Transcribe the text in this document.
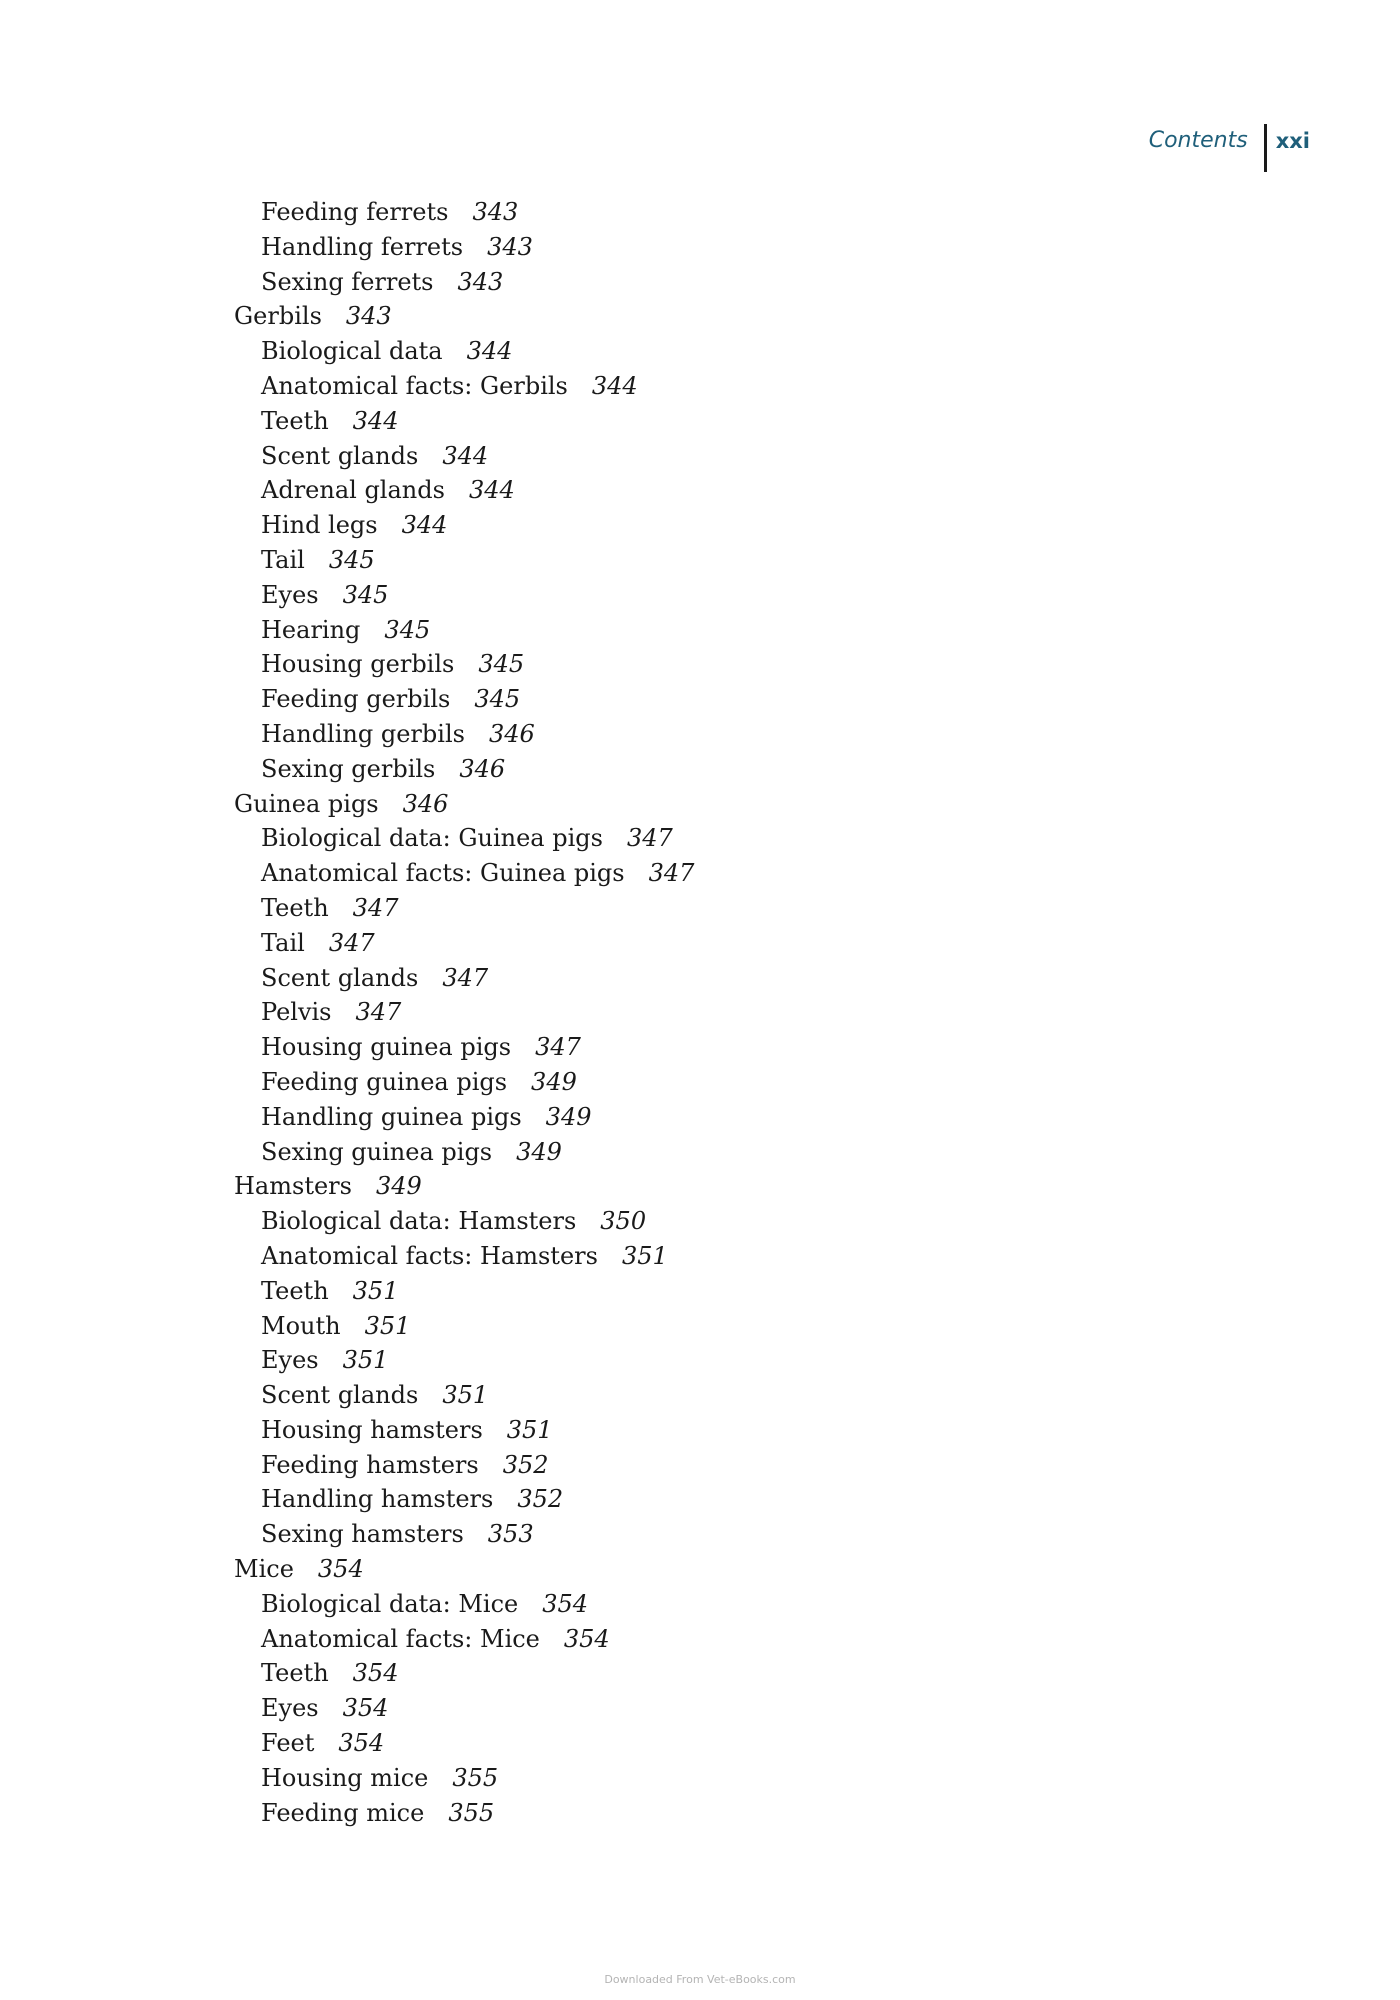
Contents	xxi
Feeding ferrets 343
Handling ferrets 343
Sexing ferrets 343
Gerbils 343
Biological data 344
Anatomical facts: Gerbils 344
Teeth 344
Scent glands 344
Adrenal glands 344
Hind legs 344
Tail 345
Eyes 345
Hearing 345
Housing gerbils 345
Feeding gerbils 345
Handling gerbils 346
Sexing gerbils 346
Guinea pigs 346
Biological data: Guinea pigs 347
Anatomical facts: Guinea pigs 347
Teeth 347
Tail 347
Scent glands 347
Pelvis 347
Housing guinea pigs 347
Feeding guinea pigs 349
Handling guinea pigs 349
Sexing guinea pigs 349
Hamsters 349
Biological data: Hamsters 350
Anatomical facts: Hamsters 351
Teeth 351
Mouth 351
Eyes 351
Scent glands 351
Housing hamsters 351
Feeding hamsters 352
Handling hamsters 352
Sexing hamsters 353
Mice 354
Biological data: Mice 354
Anatomical facts: Mice 354
Teeth 354
Eyes 354
Feet 354
Housing mice 355
Feeding mice 355
Downloaded From Vet-eBooks.com
